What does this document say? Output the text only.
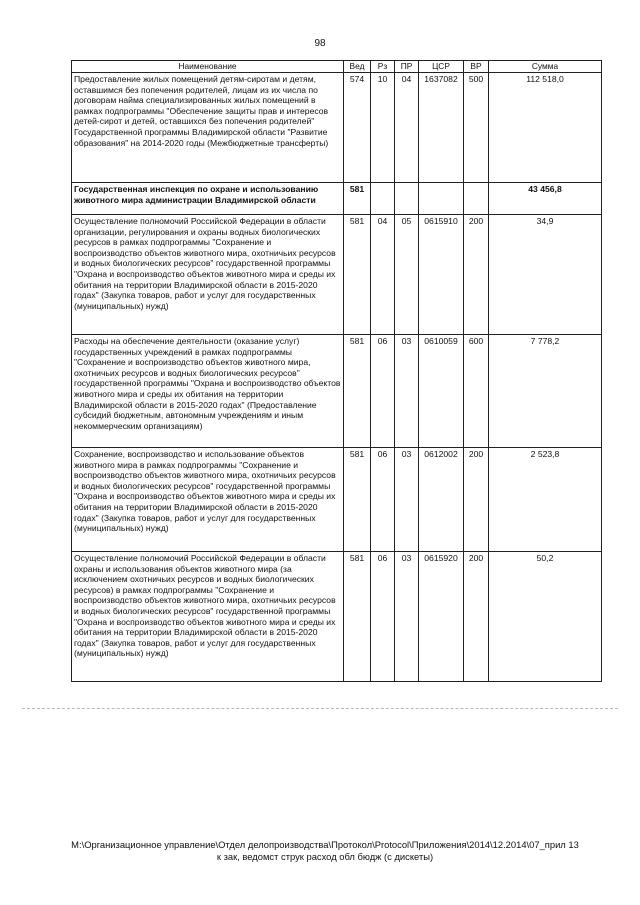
98
Наименование	Вед	Рз	ПР	ЦСР	ВР	Сумма
Предоставление жилых помещений детям-сиротам и детям, оставшимся без попечения родителей, лицам из их числа по договорам найма специализированных жилых помещений в рамках подпрограммы "Обеспечение защиты прав и интересов детей-сирот и детей, оставшихся без попечения родителей" Государственной программы Владимирской области "Развитие образования" на 2014-2020 годы (Межбюджетные трансферты)	574	10	04	1637082	500	112 518,0
Государственная инспекция по охране и использованию животного мира администрации Владимирской области	581					43 456,8
Осуществление полномочий Российской Федерации в области организации, регулирования и охраны водных биологических ресурсов в рамках подпрограммы "Сохранение и воспроизводство объектов животного мира, охотничьих ресурсов и водных биологических ресурсов" государственной программы "Охрана и воспроизводство объектов животного мира и среды их обитания на территории Владимирской области в 2015-2020 годах" (Закупка товаров, работ и услуг для государственных (муниципальных) нужд)	581	04	05	0615910	200	34,9
Расходы на обеспечение деятельности (оказание услуг) государственных учреждений в рамках подпрограммы "Сохранение и воспроизводство объектов животного мира, охотничьих ресурсов и водных биологических ресурсов" государственной программы "Охрана и воспроизводство объектов животного мира и среды их обитания на территории Владимирской области в 2015-2020 годах" (Предоставление субсидий бюджетным, автономным учреждениям и иным некоммерческим организациям)	581	06	03	0610059	600	7 778,2
Сохранение, воспроизводство и использование объектов животного мира в рамках подпрограммы "Сохранение и воспроизводство объектов животного мира, охотничьих ресурсов и водных биологических ресурсов" государственной программы "Охрана и воспроизводство объектов животного мира и среды их обитания на территории Владимирской области в 2015-2020 годах" (Закупка товаров, работ и услуг для государственных (муниципальных) нужд)	581	06	03	0612002	200	2 523,8
Осуществление полномочий Российской Федерации в области охраны и использования объектов животного мира (за исключением охотничьих ресурсов и водных биологических ресурсов) в рамках подпрограммы "Сохранение и воспроизводство объектов животного мира, охотничьих ресурсов и водных биологических ресурсов" государственной программы "Охрана и воспроизводство объектов животного мира и среды их обитания на территории Владимирской области в 2015-2020 годах" (Закупка товаров, работ и услуг для государственных (муниципальных) нужд)	581	06	03	0615920	200	50,2
M:\Организационное управление\Отдел делопроизводства\Протокол\Protocol\Приложения\2014\12.2014\07_прил 13
к зак, ведомст струк расход обл бюдж (с дискеты)
